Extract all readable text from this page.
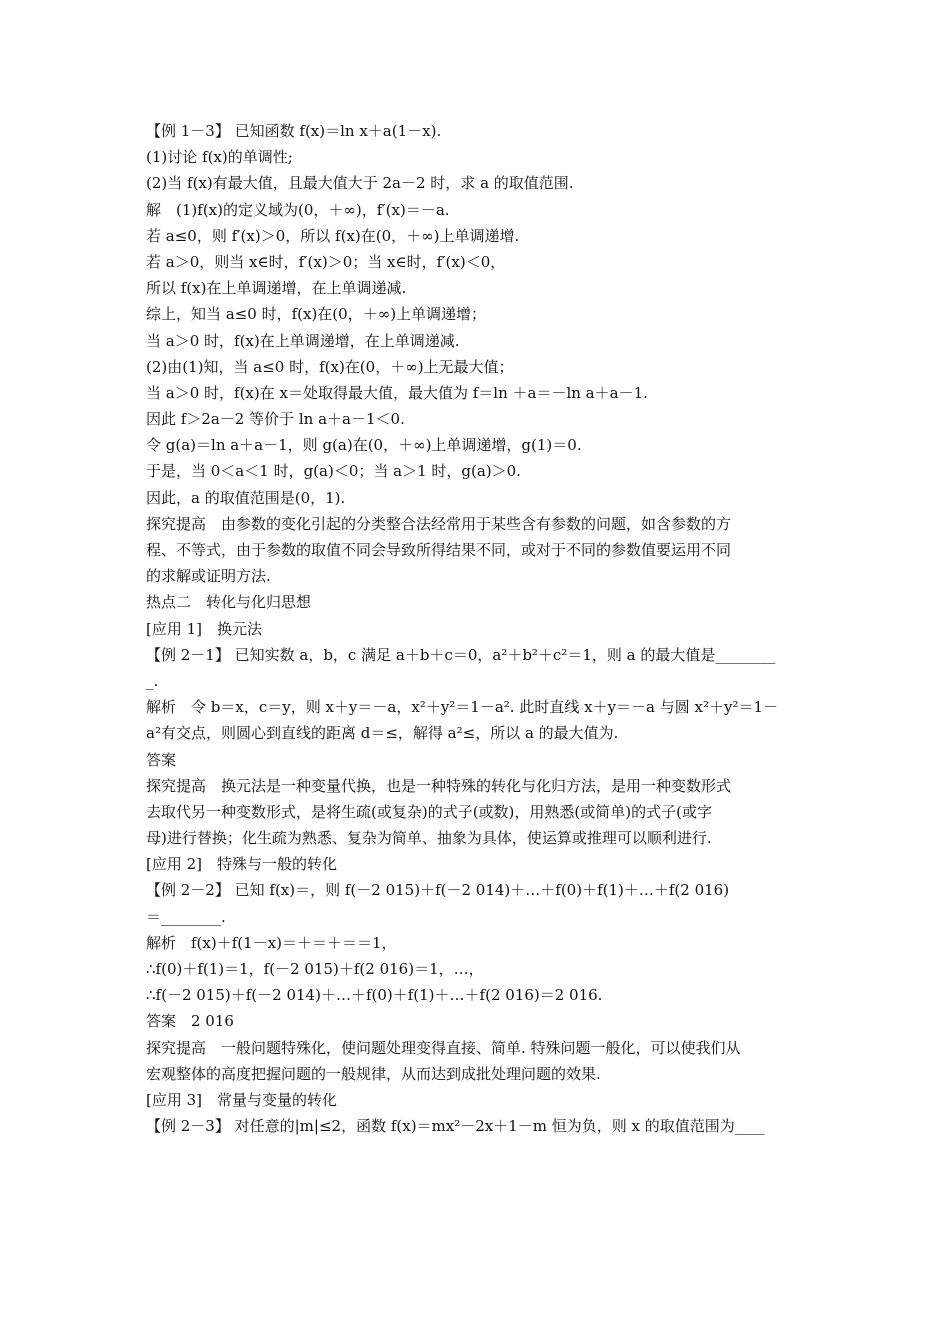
【例 1－3】 已知函数 f(x)＝ln x＋a(1－x).
(1)讨论 f(x)的单调性;
(2)当 f(x)有最大值，且最大值大于 2a－2 时，求 a 的取值范围.
解　(1)f(x)的定义域为(0，＋∞)，f′(x)＝－a.
若 a≤0，则 f′(x)＞0，所以 f(x)在(0，＋∞)上单调递增.
若 a＞0，则当 x∈时，f′(x)＞0；当 x∈时，f′(x)＜0，
所以 f(x)在上单调递增，在上单调递减.
综上，知当 a≤0 时，f(x)在(0，＋∞)上单调递增；
当 a＞0 时，f(x)在上单调递增，在上单调递减.
(2)由(1)知，当 a≤0 时，f(x)在(0，＋∞)上无最大值；
当 a＞0 时，f(x)在 x＝处取得最大值，最大值为 f＝ln ＋a＝－ln a＋a－1.
因此 f＞2a－2 等价于 ln a＋a－1＜0.
令 g(a)＝ln a＋a－1，则 g(a)在(0，＋∞)上单调递增，g(1)＝0.
于是，当 0＜a＜1 时，g(a)＜0；当 a＞1 时，g(a)＞0.
因此，a 的取值范围是(0，1).
探究提高　由参数的变化引起的分类整合法经常用于某些含有参数的问题，如含参数的方
程、不等式，由于参数的取值不同会导致所得结果不同，或对于不同的参数值要运用不同
的求解或证明方法.
热点二　转化与化归思想
[应用 1]　换元法
【例 2－1】 已知实数 a，b，c 满足 a＋b＋c＝0，a²＋b²＋c²＝1，则 a 的最大值是________
_.
解析　令 b＝x，c＝y，则 x＋y＝－a，x²＋y²＝1－a². 此时直线 x＋y＝－a 与圆 x²＋y²＝1－
a²有交点，则圆心到直线的距离 d＝≤，解得 a²≤，所以 a 的最大值为.
答案
探究提高　换元法是一种变量代换，也是一种特殊的转化与化归方法，是用一种变数形式
去取代另一种变数形式，是将生疏(或复杂)的式子(或数)，用熟悉(或简单)的式子(或字
母)进行替换；化生疏为熟悉、复杂为简单、抽象为具体，使运算或推理可以顺利进行.
[应用 2]　特殊与一般的转化
【例 2－2】 已知 f(x)＝，则 f(－2 015)＋f(－2 014)＋…＋f(0)＋f(1)＋…＋f(2 016)
＝________.
解析　f(x)＋f(1－x)＝＋＝＋＝＝1，
∴f(0)＋f(1)＝1，f(－2 015)＋f(2 016)＝1，…，
∴f(－2 015)＋f(－2 014)＋…＋f(0)＋f(1)＋…＋f(2 016)＝2 016.
答案　2 016
探究提高　一般问题特殊化，使问题处理变得直接、简单. 特殊问题一般化，可以使我们从
宏观整体的高度把握问题的一般规律，从而达到成批处理问题的效果.
[应用 3]　常量与变量的转化
【例 2－3】 对任意的|m|≤2，函数 f(x)＝mx²－2x＋1－m 恒为负，则 x 的取值范围为____
